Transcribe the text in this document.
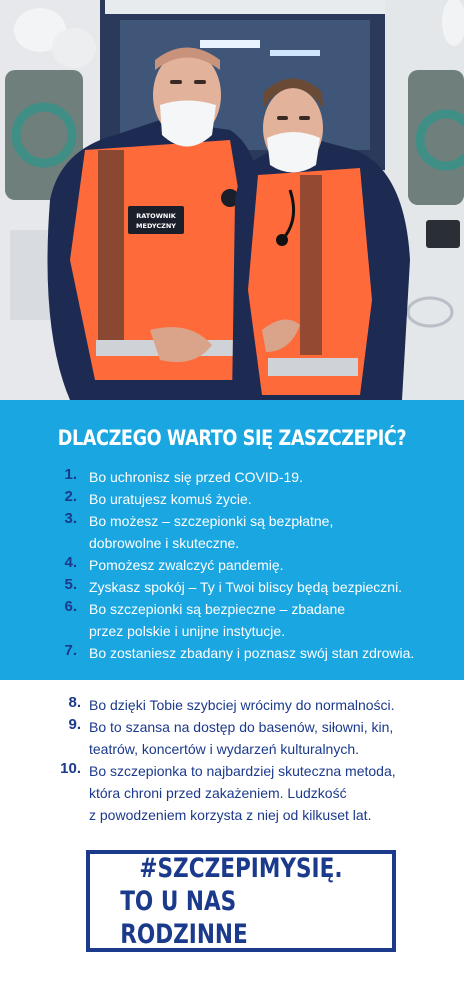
RATOWNIK
MEDYCZNY
DLACZEGO WARTO SIĘ ZASZCZEPIĆ?
1. Bo uchronisz się przed COVID-19.
2. Bo uratujesz komuś życie.
3. Bo możesz – szczepionki są bezpłatne,
dobrowolne i skuteczne.
4. Pomożesz zwalczyć pandemię.
5. Zyskasz spokój – Ty i Twoi bliscy będą bezpieczni.
6. Bo szczepionki są bezpieczne – zbadane
przez polskie i unijne instytucje.
7. Bo zostaniesz zbadany i poznasz swój stan zdrowia.
8. Bo dzięki Tobie szybciej wrócimy do normalności.
9. Bo to szansa na dostęp do basenów, siłowni, kin,
teatrów, koncertów i wydarzeń kulturalnych.
10. Bo szczepionka to najbardziej skuteczna metoda,
która chroni przed zakażeniem. Ludzkość
z powodzeniem korzysta z niej od kilkuset lat.
#SZCZEPIMYSIĘ.
TO U NAS RODZINNE
